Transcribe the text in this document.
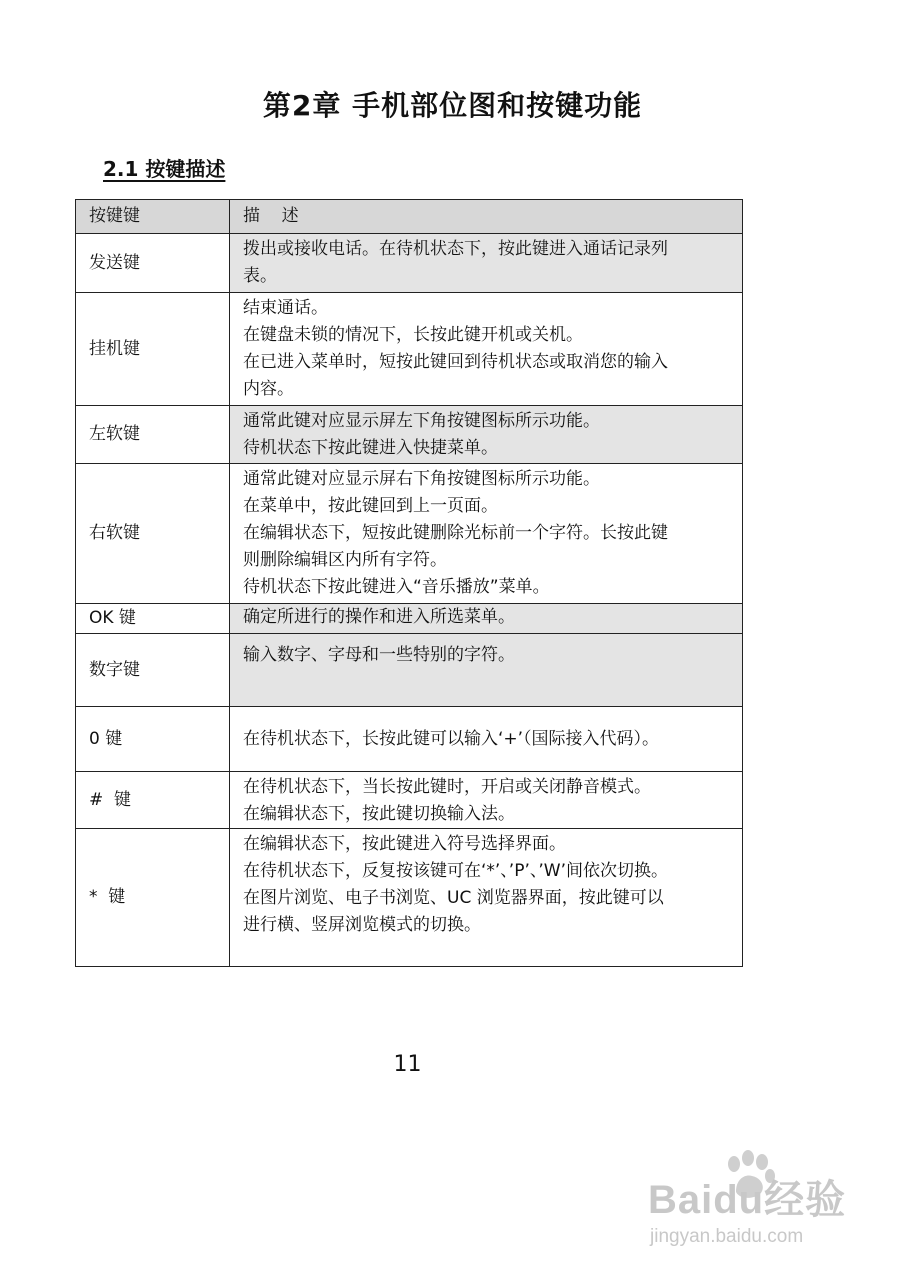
第2章 手机部位图和按键功能
2.1 按键描述
按键键	描    述
发送键	拨出或接收电话。在待机状态下，按此键进入通话记录列
表。

挂机键	结束通话。
在键盘未锁的情况下，长按此键开机或关机。
在已进入菜单时，短按此键回到待机状态或取消您的输入
内容。

左软键	通常此键对应显示屏左下角按键图标所示功能。
待机状态下按此键进入快捷菜单。

右软键	通常此键对应显示屏右下角按键图标所示功能。
在菜单中，按此键回到上一页面。
在编辑状态下，短按此键删除光标前一个字符。长按此键
则删除编辑区内所有字符。
待机状态下按此键进入“音乐播放”菜单。

OK 键	确定所进行的操作和进入所选菜单。

数字键	输入数字、字母和一些特别的字符。

0 键	在待机状态下，长按此键可以输入‘+’（国际接入代码）。

#  键	在待机状态下，当长按此键时，开启或关闭静音模式。
在编辑状态下，按此键切换输入法。

*  键	在编辑状态下，按此键进入符号选择界面。
在待机状态下，反复按该键可在‘*’、’P’、’W’间依次切换。
在图片浏览、电子书浏览、UC 浏览器界面，按此键可以
进行横、竖屏浏览模式的切换。
11
Baidu经验
jingyan.baidu.com
